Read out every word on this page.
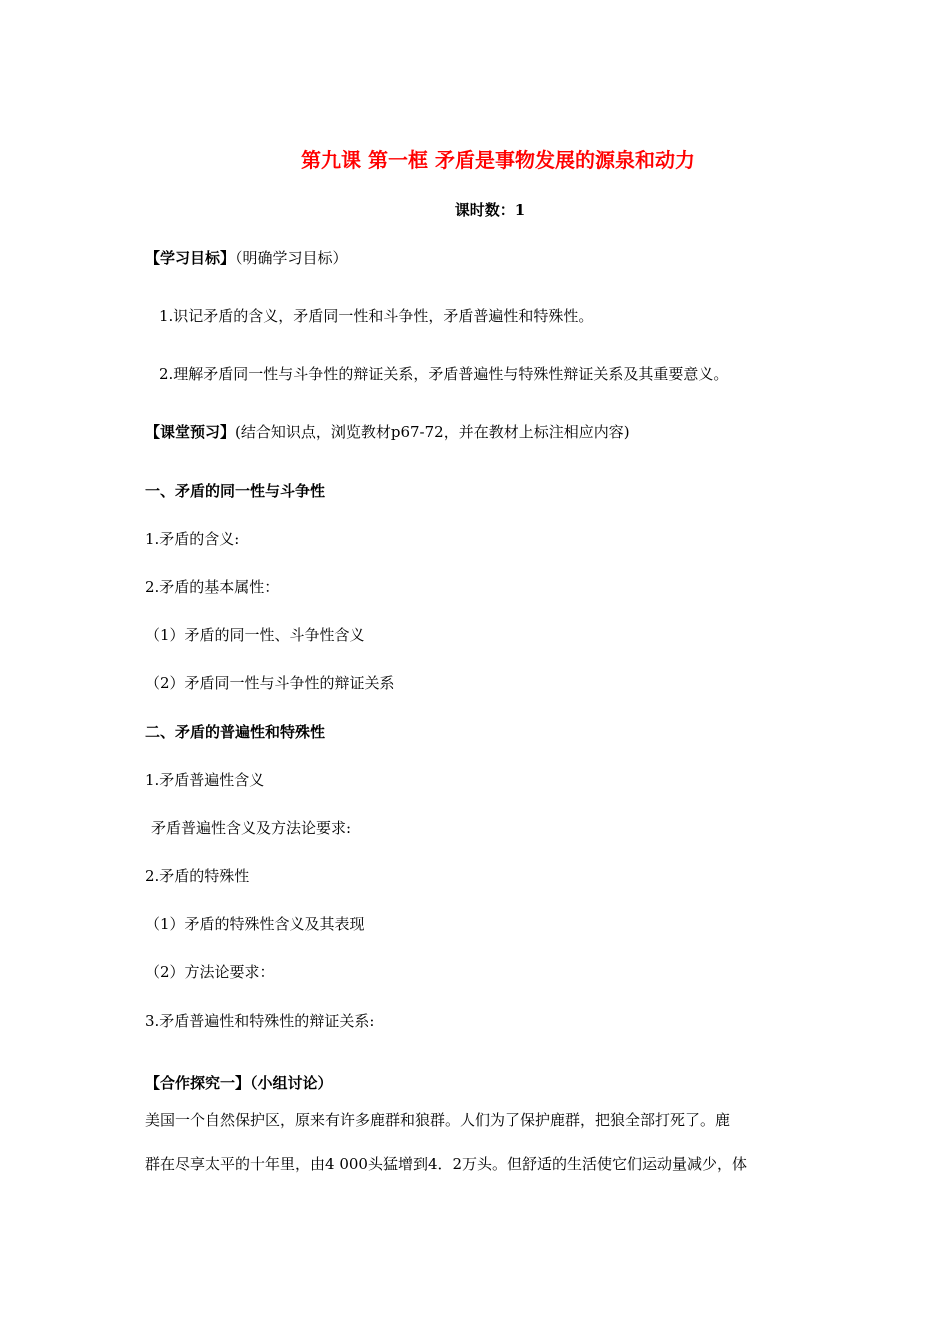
第九课 第一框 矛盾是事物发展的源泉和动力
课时数：1
【学习目标】（明确学习目标）
1.识记矛盾的含义，矛盾同一性和斗争性，矛盾普遍性和特殊性。
2.理解矛盾同一性与斗争性的辩证关系，矛盾普遍性与特殊性辩证关系及其重要意义。
【课堂预习】(结合知识点，浏览教材p67-72，并在教材上标注相应内容)
一、矛盾的同一性与斗争性
1.矛盾的含义:
2.矛盾的基本属性：
（1）矛盾的同一性、斗争性含义
（2）矛盾同一性与斗争性的辩证关系
二、矛盾的普遍性和特殊性
1.矛盾普遍性含义
矛盾普遍性含义及方法论要求:
2.矛盾的特殊性
（1）矛盾的特殊性含义及其表现
（2）方法论要求：
3.矛盾普遍性和特殊性的辩证关系:
【合作探究一】（小组讨论）
美国一个自然保护区，原来有许多鹿群和狼群。人们为了保护鹿群，把狼全部打死了。鹿
群在尽享太平的十年里，由4 000头猛增到4．2万头。但舒适的生活使它们运动量减少，体
